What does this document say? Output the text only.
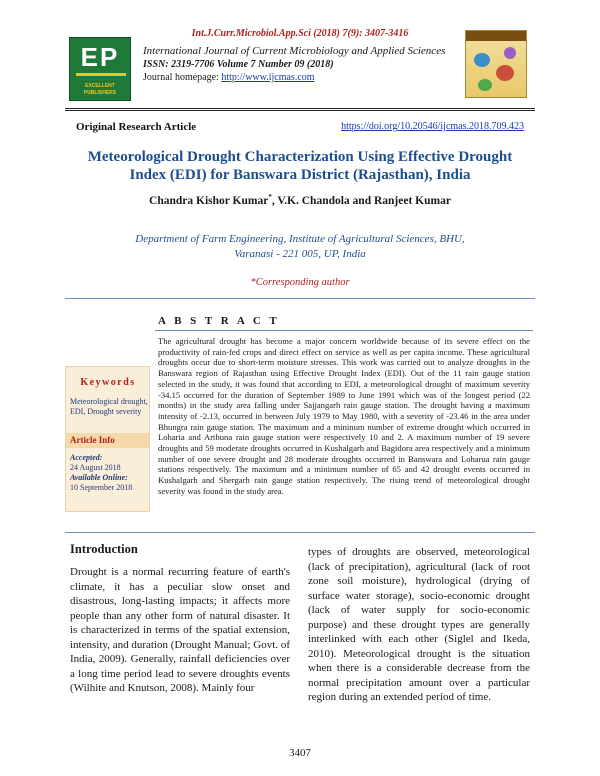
Int.J.Curr.Microbiol.App.Sci (2018) 7(9): 3407-3416
EP
EXCELLENT PUBLISHERS
International Journal of Current Microbiology and Applied Sciences
ISSN: 2319-7706 Volume 7 Number 09 (2018)
Journal homepage: http://www.ijcmas.com
Original Research Article	https://doi.org/10.20546/ijcmas.2018.709.423
Meteorological Drought Characterization Using Effective Drought Index (EDI) for Banswara District (Rajasthan), India
Chandra Kishor Kumar*, V.K. Chandola and Ranjeet Kumar
Department of Farm Engineering, Institute of Agricultural Sciences, BHU,
Varanasi - 221 005, UP, India
*Corresponding author
A B S T R A C T
The agricultural drought has become a major concern worldwide because of its severe effect on the productivity of rain-fed crops and direct effect on service as well as per capita income. These agricultural droughts occur due to short-term moisture stresses. This work was carried out to analyze droughts in the Banswara region of Rajasthan using Effective Drought Index (EDI). Out of the 11 rain gauge station selected in the study, it was found that according to EDI, a meteorological drought of maximum severity -34.15 occurred for the duration of September 1989 to June 1991 which was of the longest period (22 months) in the study area falling under Sajjangarh rain gauge station. The drought having a maximum intensity of -2.13, occurred in between July 1979 to May 1980, with a severity of -23.46 in the area under Bhungra rain gauge station. The maximum and a mininum number of extreme drought which occurred in Loharia and Arthuna rain gauge station were respectively 10 and 2. A maximum number of 19 severe droughts and 59 moderate droughts occurred in Kushalgarh and Bagidora area respectively and a minimum number of one severe drought and 28 moderate droughts occurred in Banswara and Loharua rain gauge stations respectively. The maximum and a minimum number of 65 and 42 drought events occurred in Kushalgarh and Shergarh rain gauge station respectively. The rising trend of meteorological drought severity was found in the study area.
Keywords
Meteorological drought, EDI, Drought severity
Article Info
Accepted:
24 August 2018
Available Online:
10 September 2018
Introduction
Drought is a normal recurring feature of earth's climate, it has a peculiar slow onset and disastrous, long-lasting impacts; it affects more people than any other form of natural disaster. It is characterized in terms of the spatial extension, intensity, and duration (Drought Manual; Govt. of India, 2009). Generally, rainfall deficiencies over a long time period lead to severe droughts events (Wilhite and Knutson, 2008). Mainly four
types of droughts are observed, meteorological (lack of precipitation), agricultural (lack of root zone soil moisture), hydrological (drying of surface water storage), socio-economic drought (lack of water supply for socio-economic purpose) and these drought types are generally interlinked with each other (Siglel and Ikeda, 2010). Meteorological drought is the situation when there is a considerable decrease from the normal precipitation amount over a particular region during an extended period of time.
3407
